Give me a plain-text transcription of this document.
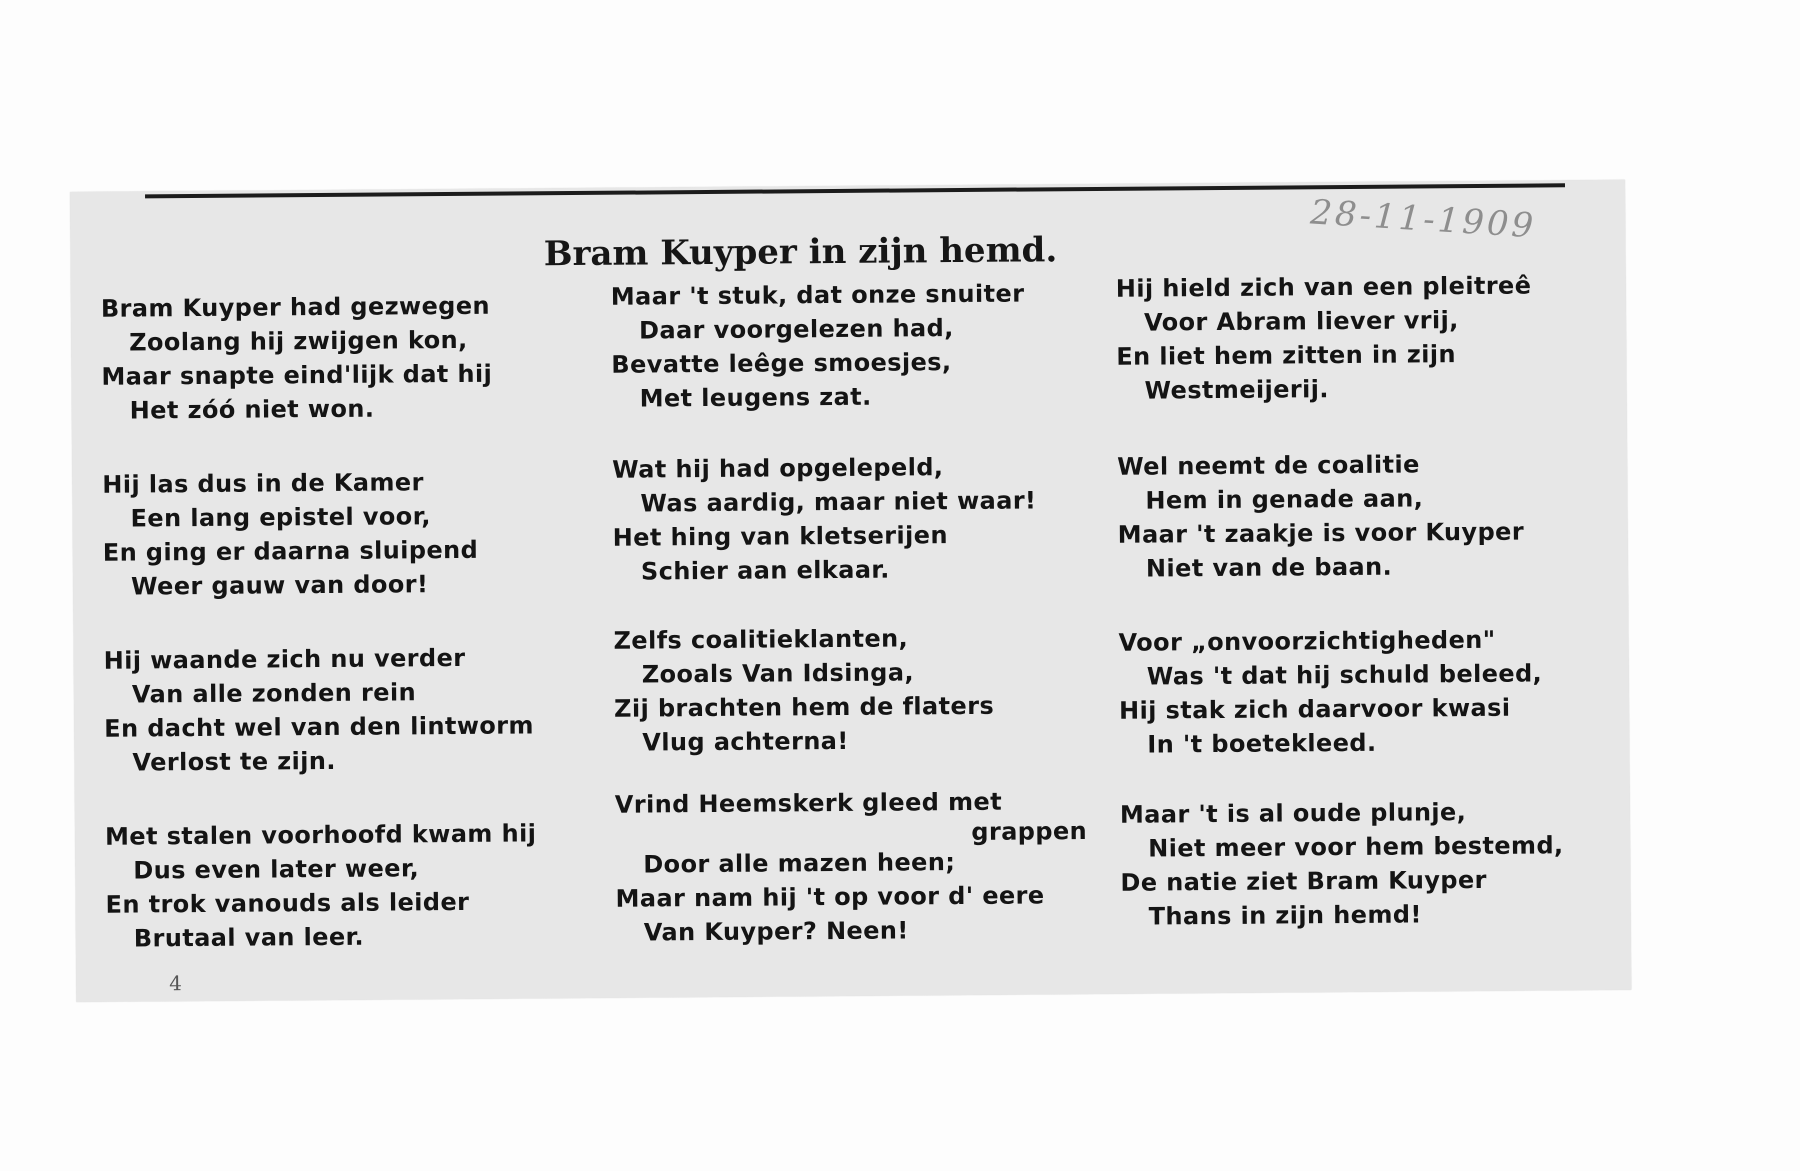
28-11-1909
Bram Kuyper in zijn hemd.
Bram Kuyper had gezwegen
Zoolang hij zwijgen kon,
Maar snapte eind'lijk dat hij
Het zóó niet won.
Hij las dus in de Kamer
Een lang epistel voor,
En ging er daarna sluipend
Weer gauw van door!
Hij waande zich nu verder
Van alle zonden rein
En dacht wel van den lintworm
Verlost te zijn.
Met stalen voorhoofd kwam hij
Dus even later weer,
En trok vanouds als leider
Brutaal van leer.
Maar 't stuk, dat onze snuiter
Daar voorgelezen had,
Bevatte leêge smoesjes,
Met leugens zat.
Wat hij had opgelepeld,
Was aardig, maar niet waar!
Het hing van kletserijen
Schier aan elkaar.
Zelfs coalitieklanten,
Zooals Van Idsinga,
Zij brachten hem de flaters
Vlug achterna!
Vrind Heemskerk gleed met
grappen
Door alle mazen heen;
Maar nam hij 't op voor d' eere
Van Kuyper? Neen!
Hij hield zich van een pleitreê
Voor Abram liever vrij,
En liet hem zitten in zijn
Westmeijerij.
Wel neemt de coalitie
Hem in genade aan,
Maar 't zaakje is voor Kuyper
Niet van de baan.
Voor „onvoorzichtigheden"
Was 't dat hij schuld beleed,
Hij stak zich daarvoor kwasi
In 't boetekleed.
Maar 't is al oude plunje,
Niet meer voor hem bestemd,
De natie ziet Bram Kuyper
Thans in zijn hemd!
4
